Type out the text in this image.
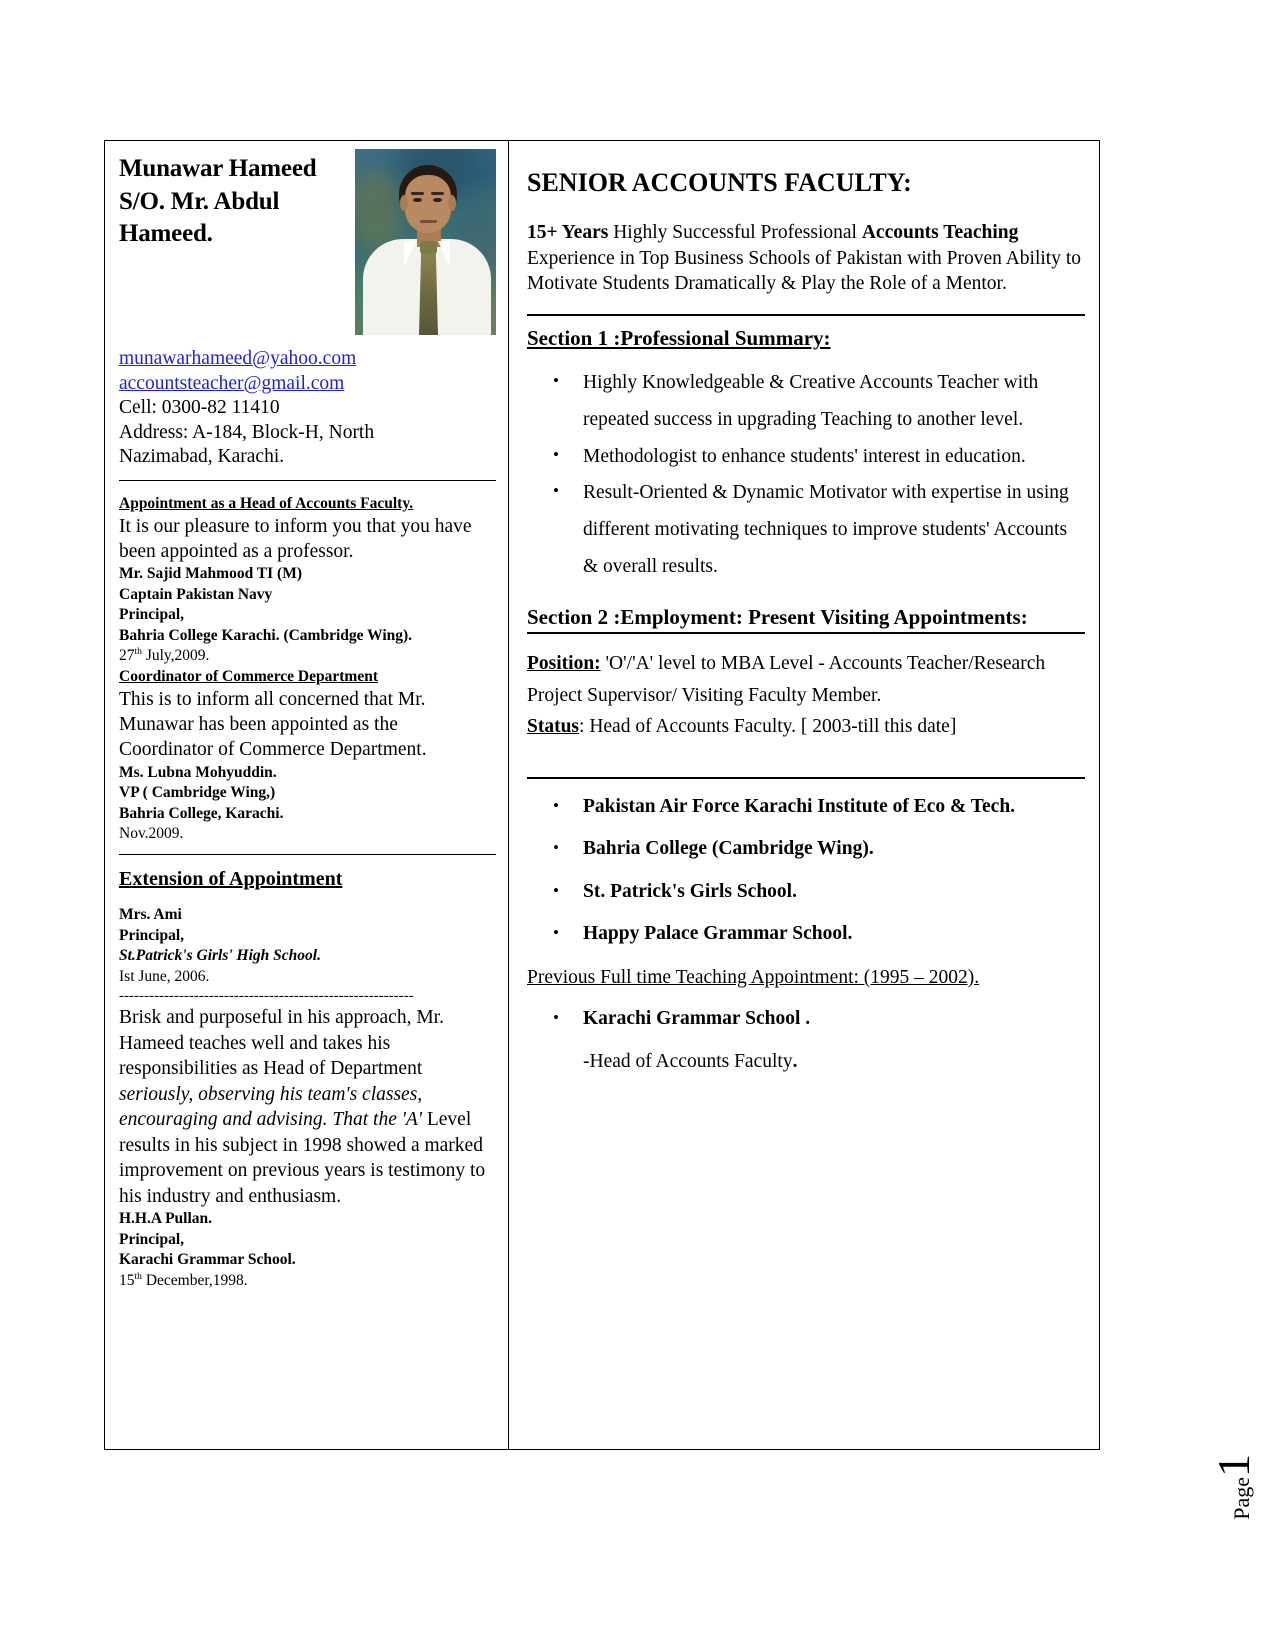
Munawar Hameed S/O. Mr. Abdul Hameed.
munawarhameed@yahoo.com
accountsteacher@gmail.com
Cell: 0300-82 11410
Address: A-184, Block-H, North
Nazimabad, Karachi.
Appointment as a Head of Accounts Faculty.
It is our pleasure to inform you that you have been appointed as a professor.
Mr. Sajid Mahmood TI (M)
Captain Pakistan Navy
Principal,
Bahria College Karachi. (Cambridge Wing).
27th July,2009.
Coordinator of Commerce Department
This is to inform all concerned that Mr. Munawar has been appointed as the Coordinator of Commerce Department.
Ms. Lubna Mohyuddin.
VP ( Cambridge Wing,)
Bahria College, Karachi.
Nov.2009.
Extension of Appointment
Mrs. Ami
Principal,
St.Patrick's Girls' High School.
Ist June, 2006.
-----------------------------------------------------------
Brisk and purposeful in his approach, Mr. Hameed teaches well and takes his responsibilities as Head of Department seriously, observing his team's classes, encouraging and advising. That the 'A' Level results in his subject in 1998 showed a marked improvement on previous years is testimony to his industry and enthusiasm.
H.H.A Pullan.
Principal,
Karachi Grammar School.
15th December,1998.
SENIOR ACCOUNTS FACULTY:
15+ Years Highly Successful Professional Accounts Teaching Experience in Top Business Schools of Pakistan with Proven Ability to Motivate Students Dramatically & Play the Role of a Mentor.
Section 1 :Professional Summary:
• Highly Knowledgeable & Creative Accounts Teacher with repeated success in upgrading Teaching to another level.
• Methodologist to enhance students' interest in education.
• Result-Oriented & Dynamic Motivator with expertise in using different motivating techniques to improve students' Accounts & overall results.
Section 2 :Employment: Present Visiting Appointments:
Position: 'O'/'A' level to MBA Level - Accounts Teacher/Research Project Supervisor/ Visiting Faculty Member.
Status: Head of Accounts Faculty. [ 2003-till this date]
• Pakistan Air Force Karachi Institute of Eco & Tech.
• Bahria College (Cambridge Wing).
• St. Patrick's Girls School.
• Happy Palace Grammar School.
Previous Full time Teaching Appointment: (1995 – 2002).
• Karachi Grammar School .
-Head of Accounts Faculty.
Page1
